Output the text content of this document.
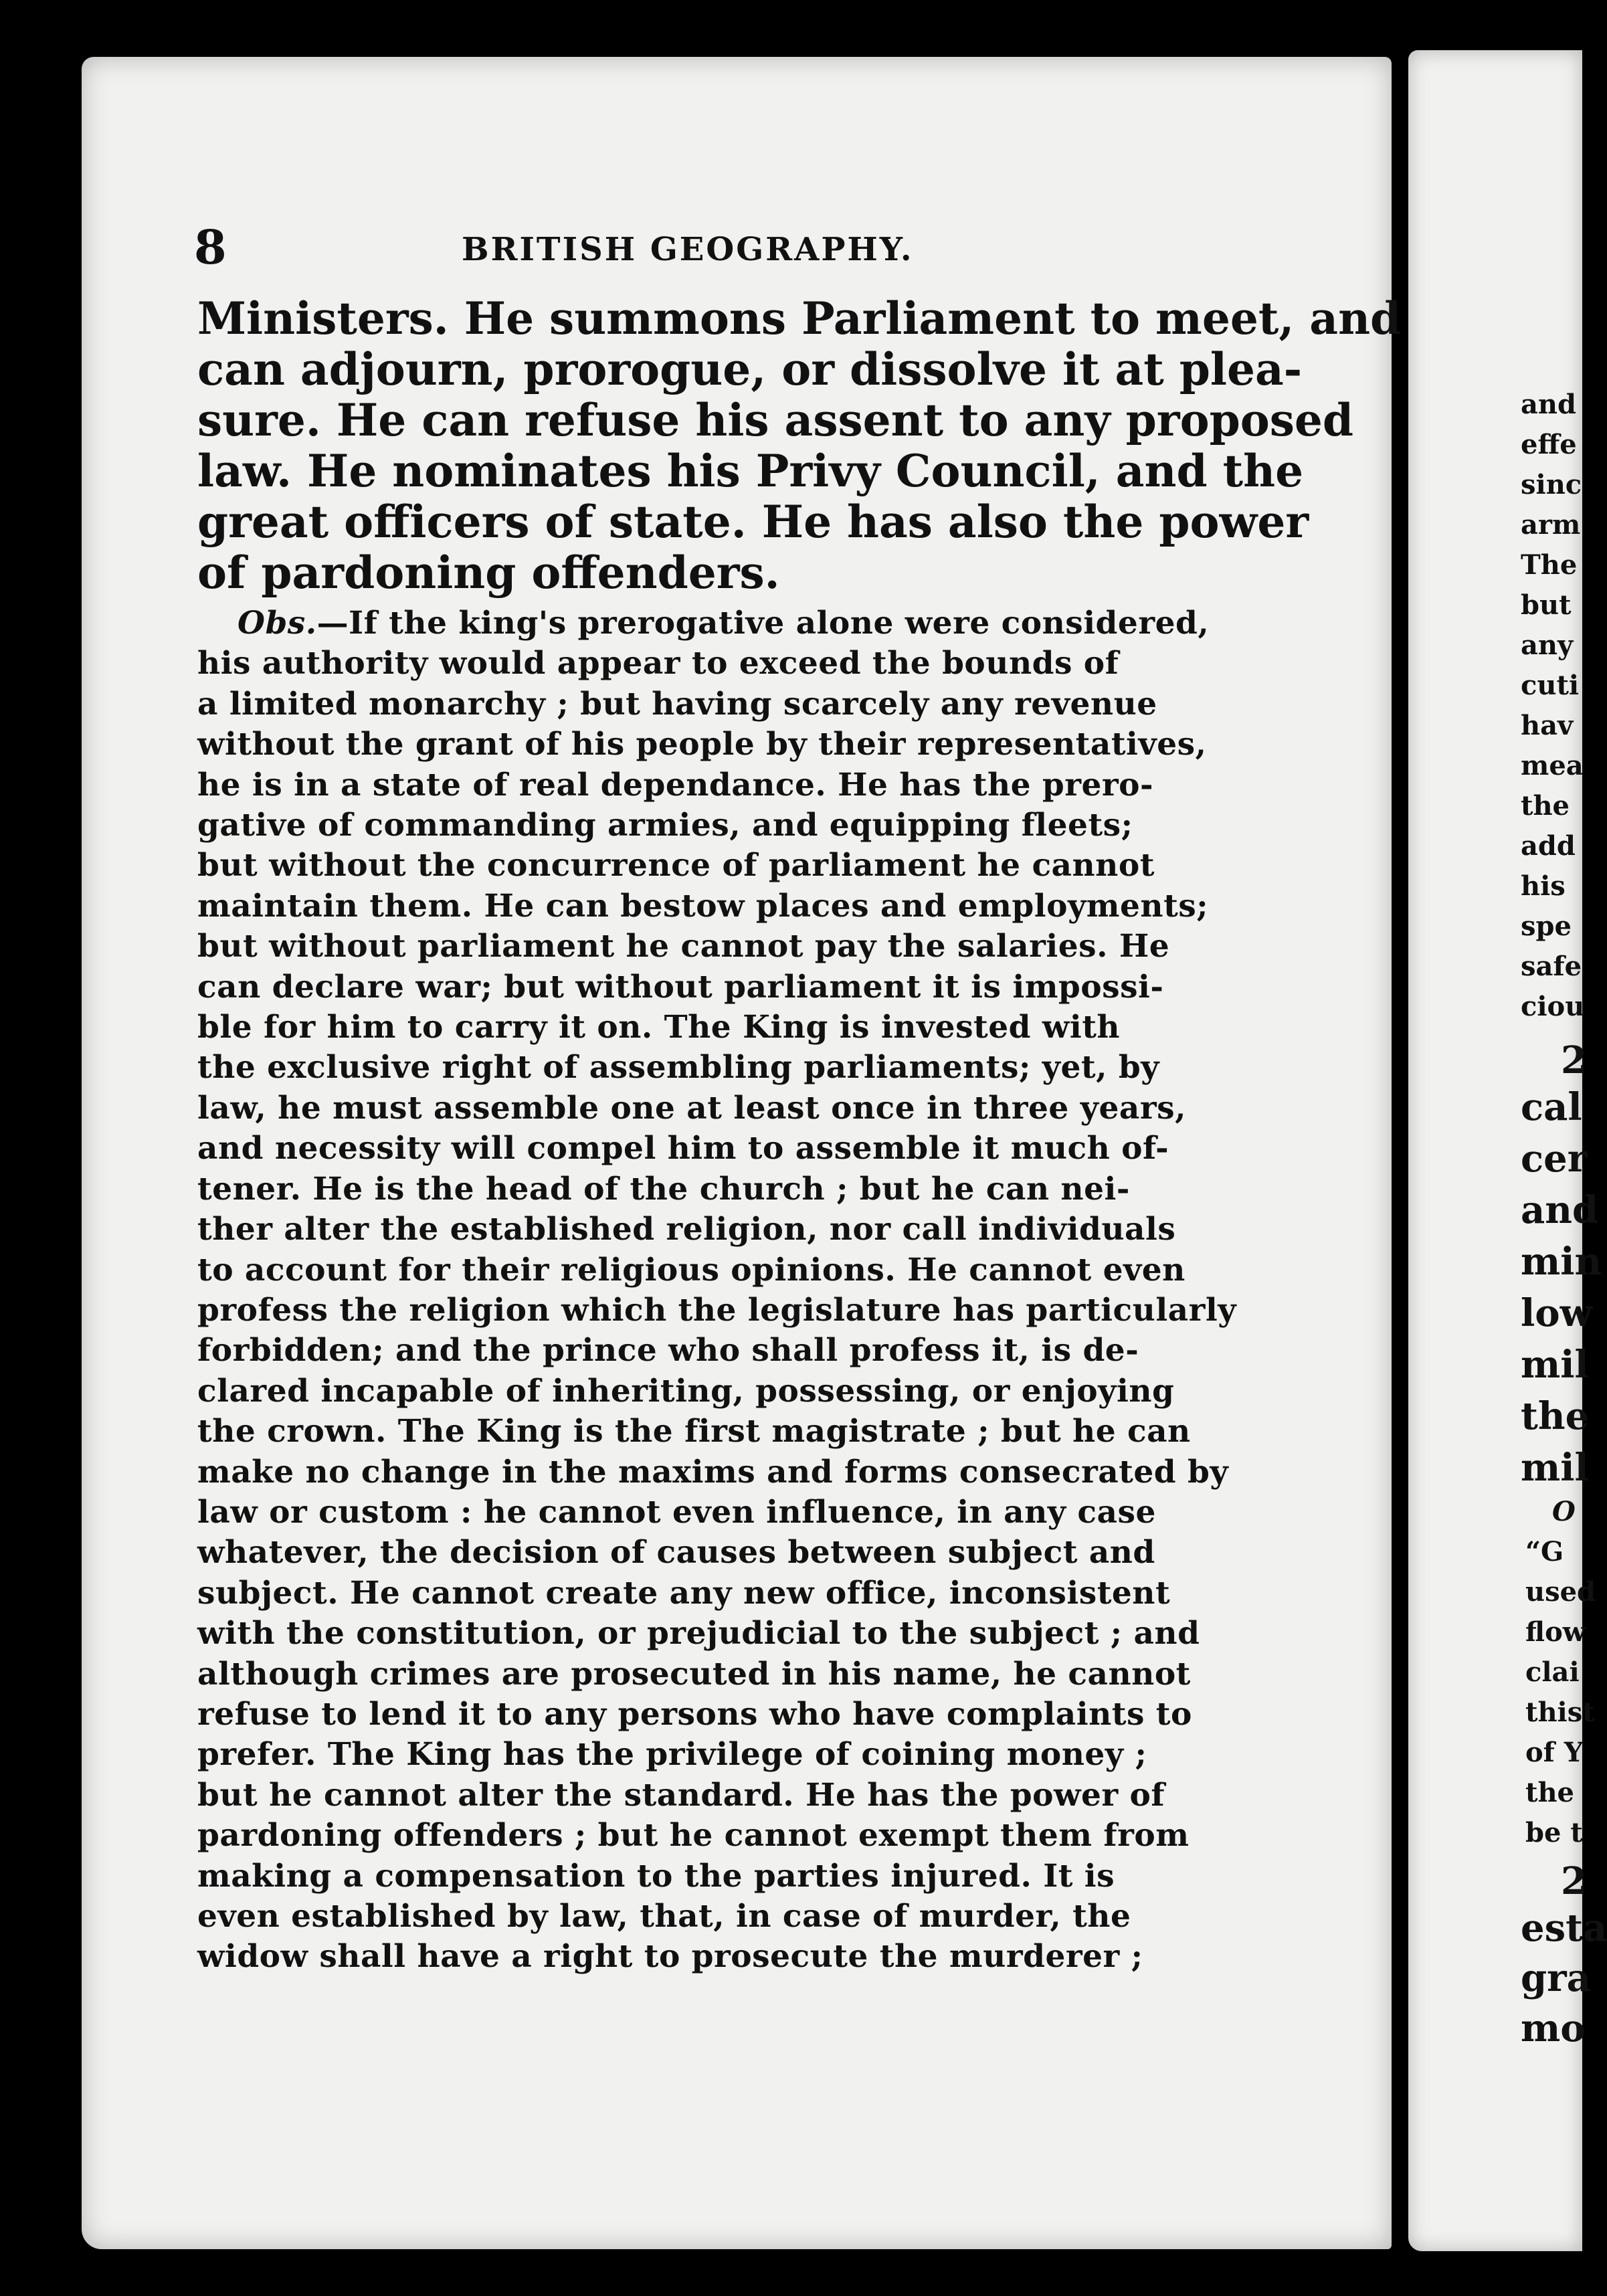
and
effe
sinc
arm
The
but
any
cuti
hav
mea
the
add
his
spe
safe
ciou
2
cal
cer
and
min
low
mil
the
mil
O
“G
used
flow
clai
thist
of Y
the
be t
2
esta
gra
mo
8	BRITISH GEOGRAPHY.

Ministers. He summons Parliament to meet, and
can adjourn, prorogue, or dissolve it at plea-
sure. He can refuse his assent to any proposed
law. He nominates his Privy Council, and the
great officers of state. He has also the power
of pardoning offenders.

Obs.—If the king's prerogative alone were considered,
his authority would appear to exceed the bounds of
a limited monarchy ; but having scarcely any revenue
without the grant of his people by their representatives,
he is in a state of real dependance. He has the prero-
gative of commanding armies, and equipping fleets;
but without the concurrence of parliament he cannot
maintain them. He can bestow places and employments;
but without parliament he cannot pay the salaries. He
can declare war; but without parliament it is impossi-
ble for him to carry it on. The King is invested with
the exclusive right of assembling parliaments; yet, by
law, he must assemble one at least once in three years,
and necessity will compel him to assemble it much of-
tener. He is the head of the church ; but he can nei-
ther alter the established religion, nor call individuals
to account for their religious opinions. He cannot even
profess the religion which the legislature has particularly
forbidden; and the prince who shall profess it, is de-
clared incapable of inheriting, possessing, or enjoying
the crown. The King is the first magistrate ; but he can
make no change in the maxims and forms consecrated by
law or custom : he cannot even influence, in any case
whatever, the decision of causes between subject and
subject. He cannot create any new office, inconsistent
with the constitution, or prejudicial to the subject ; and
although crimes are prosecuted in his name, he cannot
refuse to lend it to any persons who have complaints to
prefer. The King has the privilege of coining money ;
but he cannot alter the standard. He has the power of
pardoning offenders ; but he cannot exempt them from
making a compensation to the parties injured. It is
even established by law, that, in case of murder, the
widow shall have a right to prosecute the murderer ;
